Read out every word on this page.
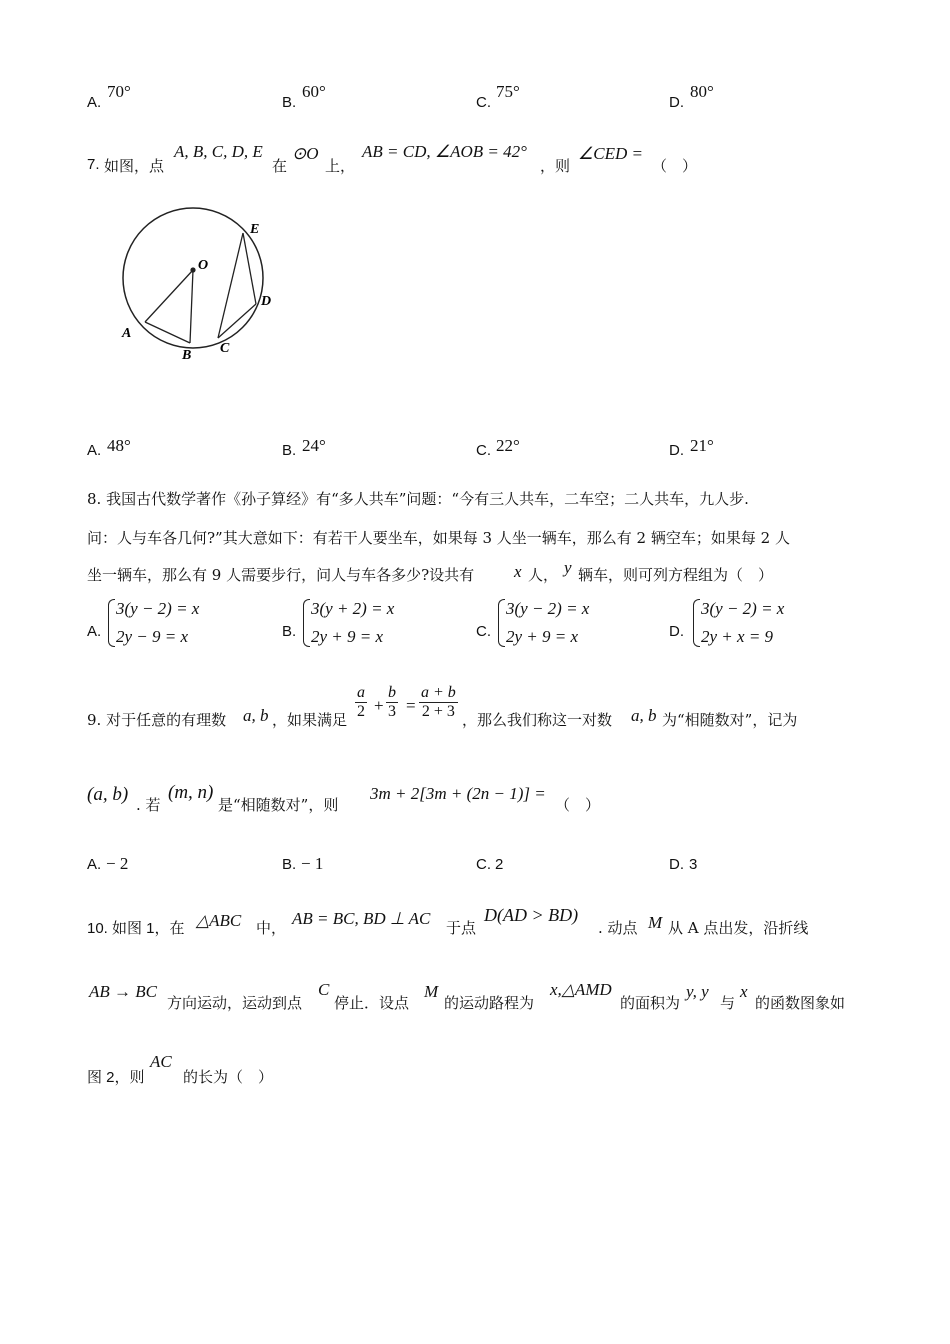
A.
70°
B.
60°
C.
75°
D.
80°
7. 如图，点
A, B, C, D, E
在
⊙O
上，
AB = CD, ∠AOB = 42°
，则
∠CED =
（　）
O
E
D
A
B C
A. 48°	B. 24°	C. 22°	D. 21°
8. 我国古代数学著作《孙子算经》有“多人共车”问题：“今有三人共车，二车空；二人共车，九人步.
问：人与车各几何?”其大意如下：有若干人要坐车，如果每 3 人坐一辆车，那么有 2 辆空车；如果每 2 人
坐一辆车，那么有 9 人需要步行，问人与车各多少?设共有 x 人， y 辆车，则可列方程组为（　）
A.
3(y − 2) = x
2y − 9 = x	B.
3(y + 2) = x
2y + 9 = x	C.
3(y − 2) = x
2y + 9 = x	D.
3(y − 2) = x
2y + x = 9
9. 对于任意的有理数 a, b ，如果满足 $\frac{a}{2} + \frac{b}{3} = \frac{a + b}{2 + 3}$ ，那么我们称这一对数 a, b 为“相随数对”，记为
(a, b) . 若
(m, n)
是“相随数对”，则
3m + 2[3m + (2n − 1)] =
（　）
A. − 2	B. − 1	C. 2	D. 3
10. 如图 1，在 △ABC 中， AB = BC, BD ⊥ AC 于点
D(AD > BD)
. 动点 M 从 A 点出发，沿折线
AB → BC
方向运动，运动到点
C
停止．设点
M
的运动路程为
x,△AMD
的面积为
y, y
与
x
的函数图象如
图 2，则
AC
的长为（　）
